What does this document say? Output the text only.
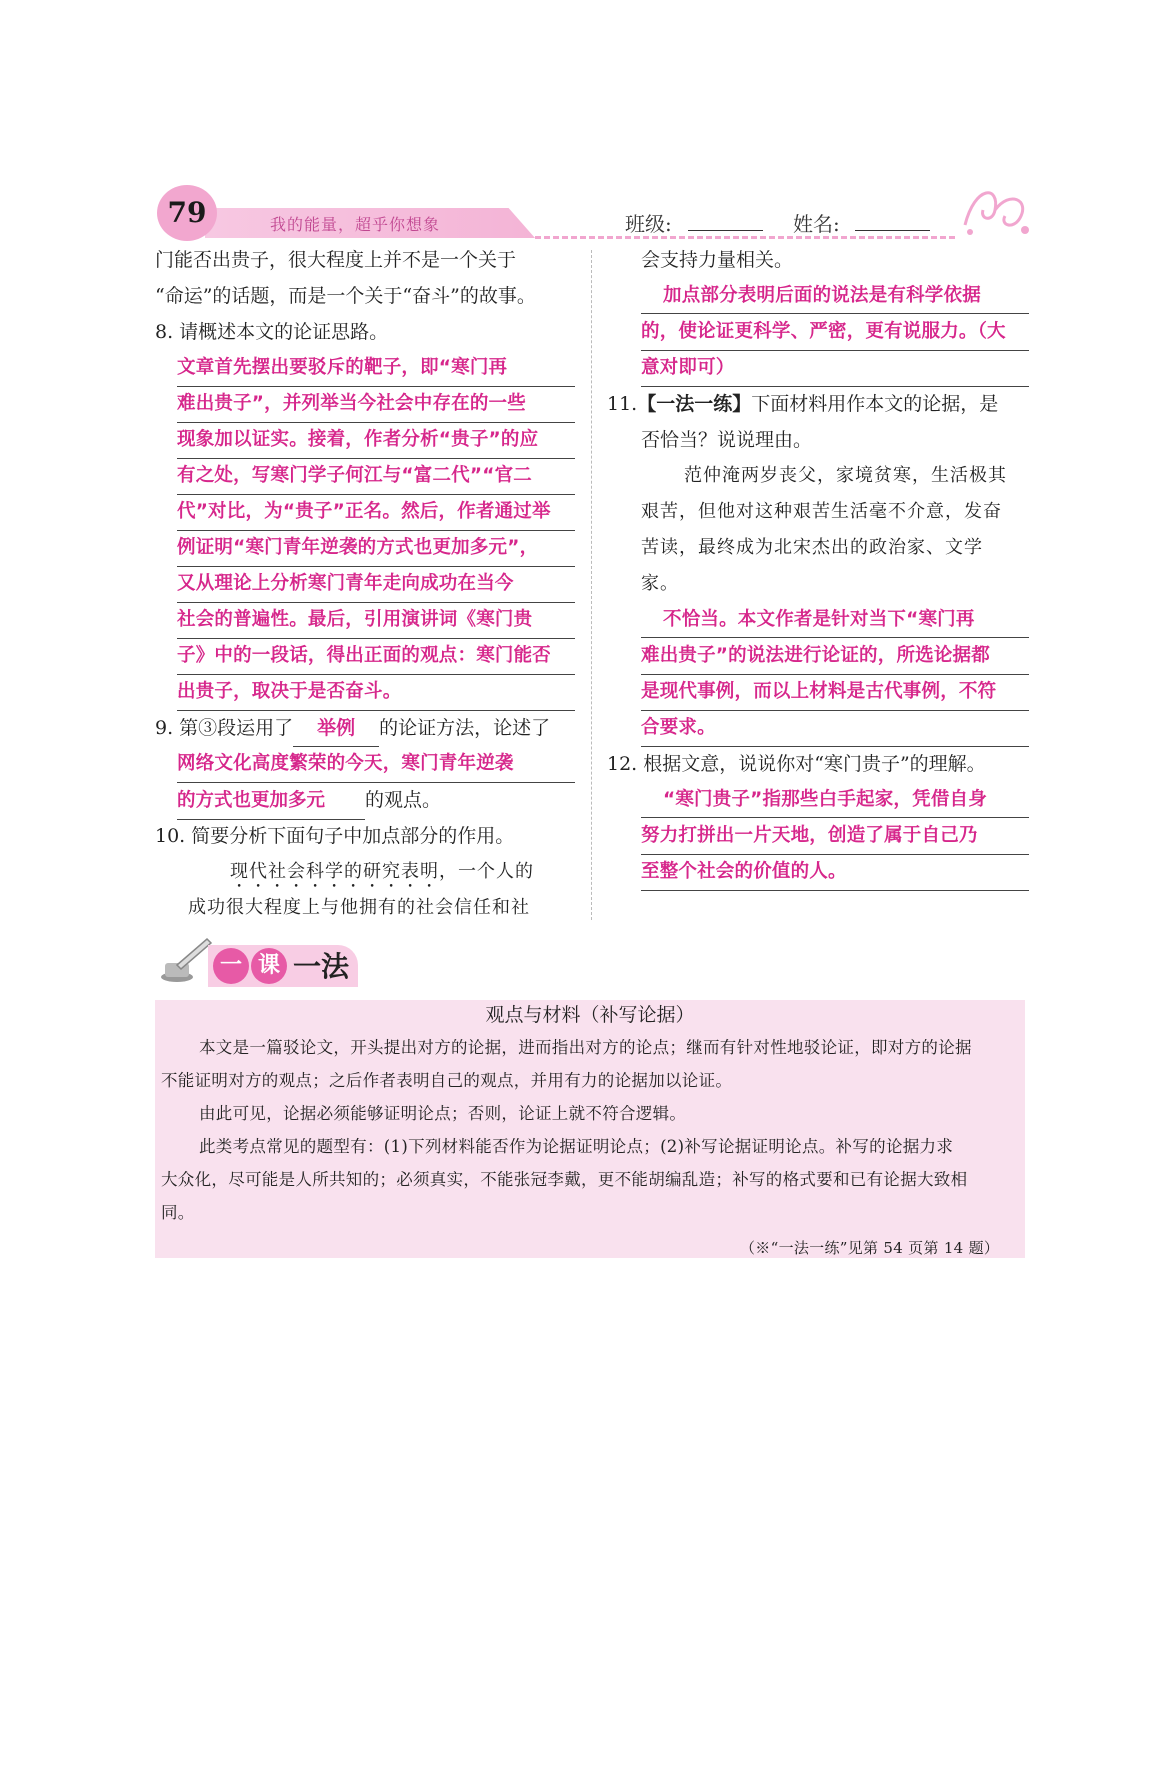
79	我的能量，超乎你想象	班级:	姓名:
门能否出贵子，很大程度上并不是一个关于
“命运”的话题，而是一个关于“奋斗”的故事。
8. 请概述本文的论证思路。
文章首先摆出要驳斥的靶子，即“寒门再
难出贵子”，并列举当今社会中存在的一些
现象加以证实。接着，作者分析“贵子”的应
有之处，写寒门学子何江与“富二代”“官二
代”对比，为“贵子”正名。然后，作者通过举
例证明“寒门青年逆袭的方式也更加多元”，
又从理论上分析寒门青年走向成功在当今
社会的普遍性。最后，引用演讲词《寒门贵
子》中的一段话，得出正面的观点：寒门能否
出贵子，取决于是否奋斗。
9. 第③段运用了 举例 的论证方法，论述了
网络文化高度繁荣的今天，寒门青年逆袭
的方式也更加多元 的观点。
10. 简要分析下面句子中加点部分的作用。
现代社会科学的研究表明，一个人的
成功很大程度上与他拥有的社会信任和社
会支持力量相关。
加点部分表明后面的说法是有科学依据
的，使论证更科学、严密，更有说服力。（大
意对即可）
11.【一法一练】下面材料用作本文的论据，是
否恰当？说说理由。
范仲淹两岁丧父，家境贫寒，生活极其
艰苦，但他对这种艰苦生活毫不介意，发奋
苦读，最终成为北宋杰出的政治家、文学
家。
不恰当。本文作者是针对当下“寒门再
难出贵子”的说法进行论证的，所选论据都
是现代事例，而以上材料是古代事例，不符
合要求。
12. 根据文意，说说你对“寒门贵子”的理解。
“寒门贵子”指那些白手起家，凭借自身
努力打拼出一片天地，创造了属于自己乃
至整个社会的价值的人。
一 课 一法
观点与材料（补写论据）
本文是一篇驳论文，开头提出对方的论据，进而指出对方的论点；继而有针对性地驳论证，即对方的论据
不能证明对方的观点；之后作者表明自己的观点，并用有力的论据加以论证。
由此可见，论据必须能够证明论点；否则，论证上就不符合逻辑。
此类考点常见的题型有：(1)下列材料能否作为论据证明论点；(2)补写论据证明论点。补写的论据力求
大众化，尽可能是人所共知的；必须真实，不能张冠李戴，更不能胡编乱造；补写的格式要和已有论据大致相
同。
（※“一法一练”见第 54 页第 14 题）
